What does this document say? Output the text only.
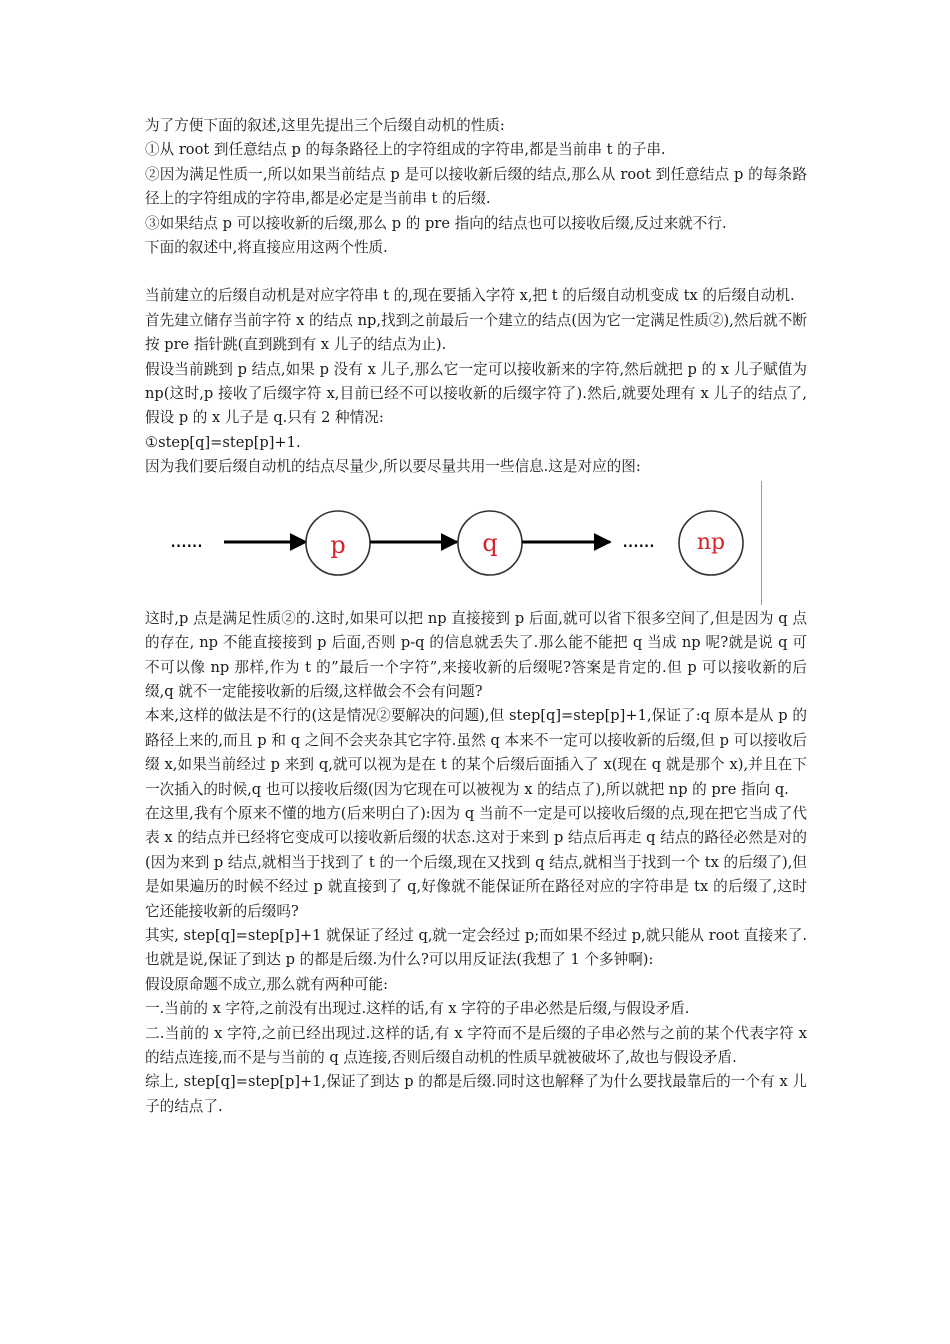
为了方便下面的叙述,这里先提出三个后缀自动机的性质:

①从 root 到任意结点 p 的每条路径上的字符组成的字符串,都是当前串 t 的子串.

②因为满足性质一,所以如果当前结点 p 是可以接收新后缀的结点,那么从 root 到任意结点 p 的每条路径上的字符组成的字符串,都是必定是当前串 t 的后缀.

③如果结点 p 可以接收新的后缀,那么 p 的 pre 指向的结点也可以接收后缀,反过来就不行.

下面的叙述中,将直接应用这两个性质.

当前建立的后缀自动机是对应字符串 t 的,现在要插入字符 x,把 t 的后缀自动机变成 tx 的后缀自动机.

首先建立储存当前字符 x 的结点 np,找到之前最后一个建立的结点(因为它一定满足性质②),然后就不断按 pre 指针跳(直到跳到有 x 儿子的结点为止).

假设当前跳到 p 结点,如果 p 没有 x 儿子,那么它一定可以接收新来的字符,然后就把 p 的 x 儿子赋值为 np(这时,p 接收了后缀字符 x,目前已经不可以接收新的后缀字符了).然后,就要处理有 x 儿子的结点了,假设 p 的 x 儿子是 q.只有 2 种情况:

①step[q]=step[p]+1.

因为我们要后缀自动机的结点尽量少,所以要尽量共用一些信息.这是对应的图:

......	p	q	...... np

这时,p 点是满足性质②的.这时,如果可以把 np 直接接到 p 后面,就可以省下很多空间了,但是因为 q 点的存在, np 不能直接接到 p 后面,否则 p-q 的信息就丢失了.那么能不能把 q 当成 np 呢?就是说 q 可不可以像 np 那样,作为 t 的”最后一个字符”,来接收新的后缀呢?答案是肯定的.但 p 可以接收新的后缀,q 就不一定能接收新的后缀,这样做会不会有问题?

本来,这样的做法是不行的(这是情况②要解决的问题),但 step[q]=step[p]+1,保证了:q 原本是从 p 的路径上来的,而且 p 和 q 之间不会夹杂其它字符.虽然 q 本来不一定可以接收新的后缀,但 p 可以接收后缀 x,如果当前经过 p 来到 q,就可以视为是在 t 的某个后缀后面插入了 x(现在 q 就是那个 x),并且在下一次插入的时候,q 也可以接收后缀(因为它现在可以被视为 x 的结点了),所以就把 np 的 pre 指向 q.

在这里,我有个原来不懂的地方(后来明白了):因为 q 当前不一定是可以接收后缀的点,现在把它当成了代表 x 的结点并已经将它变成可以接收新后缀的状态.这对于来到 p 结点后再走 q 结点的路径必然是对的(因为来到 p 结点,就相当于找到了 t 的一个后缀,现在又找到 q 结点,就相当于找到一个 tx 的后缀了),但是如果遍历的时候不经过 p 就直接到了 q,好像就不能保证所在路径对应的字符串是 tx 的后缀了,这时它还能接收新的后缀吗?

其实, step[q]=step[p]+1 就保证了经过 q,就一定会经过 p;而如果不经过 p,就只能从 root 直接来了.也就是说,保证了到达 p 的都是后缀.为什么?可以用反证法(我想了 1 个多钟啊):

假设原命题不成立,那么就有两种可能:

一.当前的 x 字符,之前没有出现过.这样的话,有 x 字符的子串必然是后缀,与假设矛盾.

二.当前的 x 字符,之前已经出现过.这样的话,有 x 字符而不是后缀的子串必然与之前的某个代表字符 x 的结点连接,而不是与当前的 q 点连接,否则后缀自动机的性质早就被破坏了,故也与假设矛盾.

综上, step[q]=step[p]+1,保证了到达 p 的都是后缀.同时这也解释了为什么要找最靠后的一个有 x 儿子的结点了.
